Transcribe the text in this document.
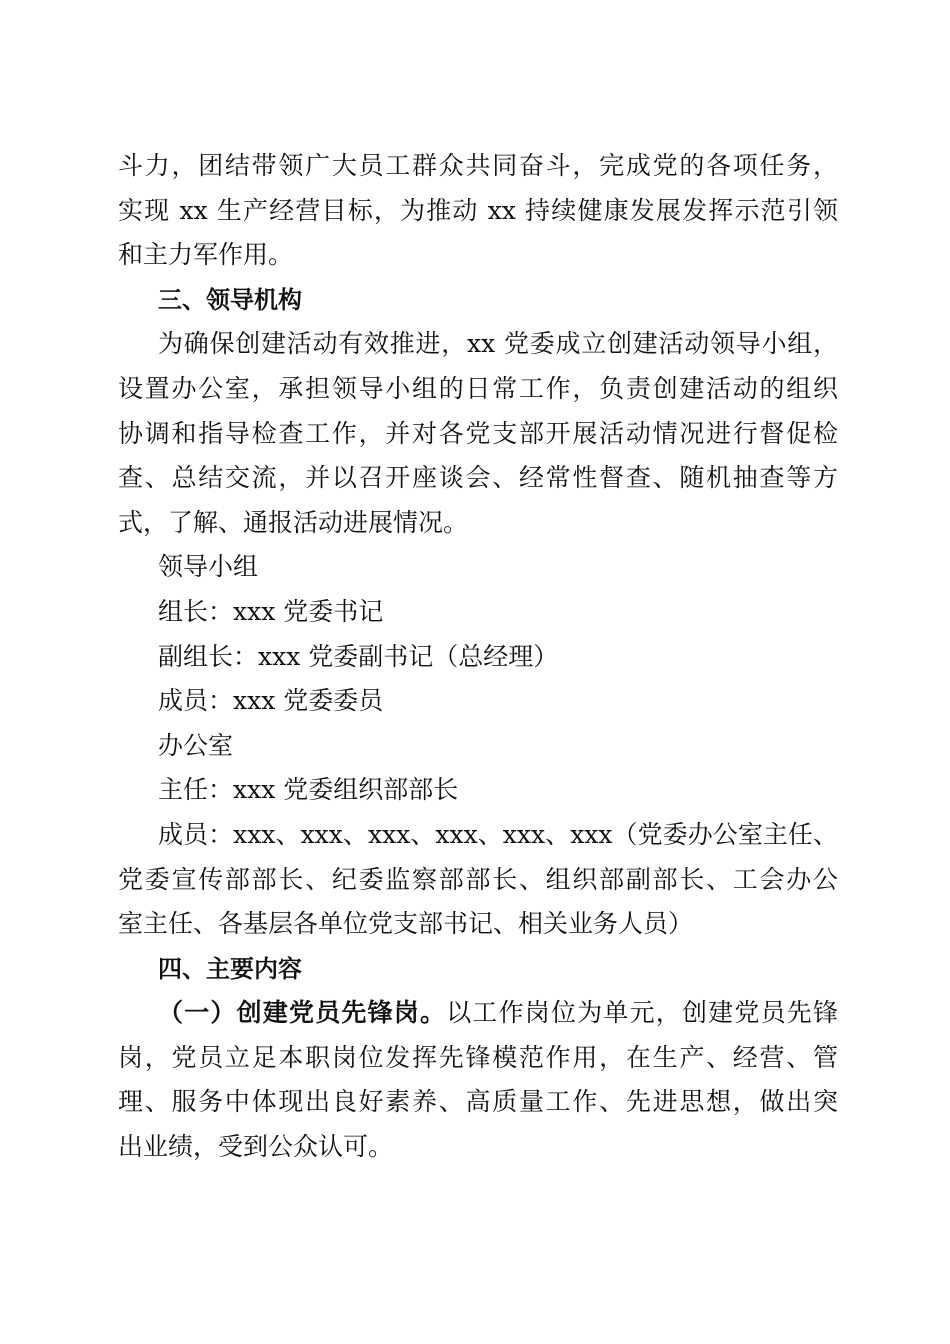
斗力，团结带领广大员工群众共同奋斗，完成党的各项任务，
实现 xx 生产经营目标，为推动 xx 持续健康发展发挥示范引领
和主力军作用。
三、领导机构
为确保创建活动有效推进，xx 党委成立创建活动领导小组，
设置办公室，承担领导小组的日常工作，负责创建活动的组织
协调和指导检查工作，并对各党支部开展活动情况进行督促检
查、总结交流，并以召开座谈会、经常性督查、随机抽查等方
式，了解、通报活动进展情况。
领导小组
组长：xxx 党委书记
副组长：xxx 党委副书记（总经理）
成员：xxx 党委委员
办公室
主任：xxx 党委组织部部长
成员：xxx、xxx、xxx、xxx、xxx、xxx（党委办公室主任、
党委宣传部部长、纪委监察部部长、组织部副部长、工会办公
室主任、各基层各单位党支部书记、相关业务人员）
四、主要内容
（一）创建党员先锋岗。以工作岗位为单元，创建党员先锋
岗，党员立足本职岗位发挥先锋模范作用，在生产、经营、管
理、服务中体现出良好素养、高质量工作、先进思想，做出突
出业绩，受到公众认可。
